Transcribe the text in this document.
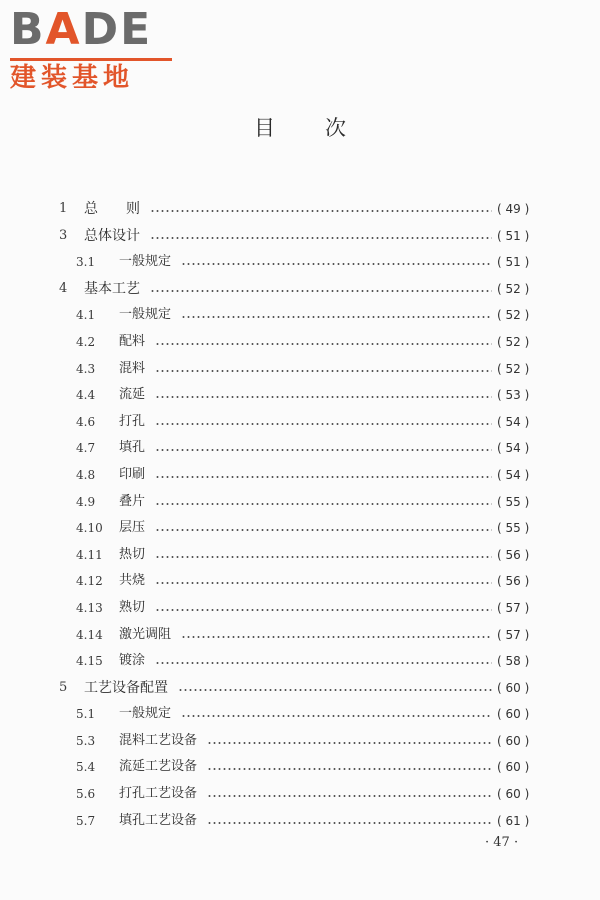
BADE
建装基地
目次
1 总　　则	( 49 )
3 总体设计	( 51 )
3.1 一般规定	( 51 )
4 基本工艺	( 52 )
4.1 一般规定	( 52 )
4.2 配料	( 52 )
4.3 混料	( 52 )
4.4 流延	( 53 )
4.6 打孔	( 54 )
4.7 填孔	( 54 )
4.8 印刷	( 54 )
4.9 叠片	( 55 )
4.10 层压	( 55 )
4.11 热切	( 56 )
4.12 共烧	( 56 )
4.13 熟切	( 57 )
4.14 激光调阻	( 57 )
4.15 镀涂	( 58 )
5 工艺设备配置	( 60 )
5.1 一般规定	( 60 )
5.3 混料工艺设备	( 60 )
5.4 流延工艺设备	( 60 )
5.6 打孔工艺设备	( 60 )
5.7 填孔工艺设备	( 61 )
· 47 ·
